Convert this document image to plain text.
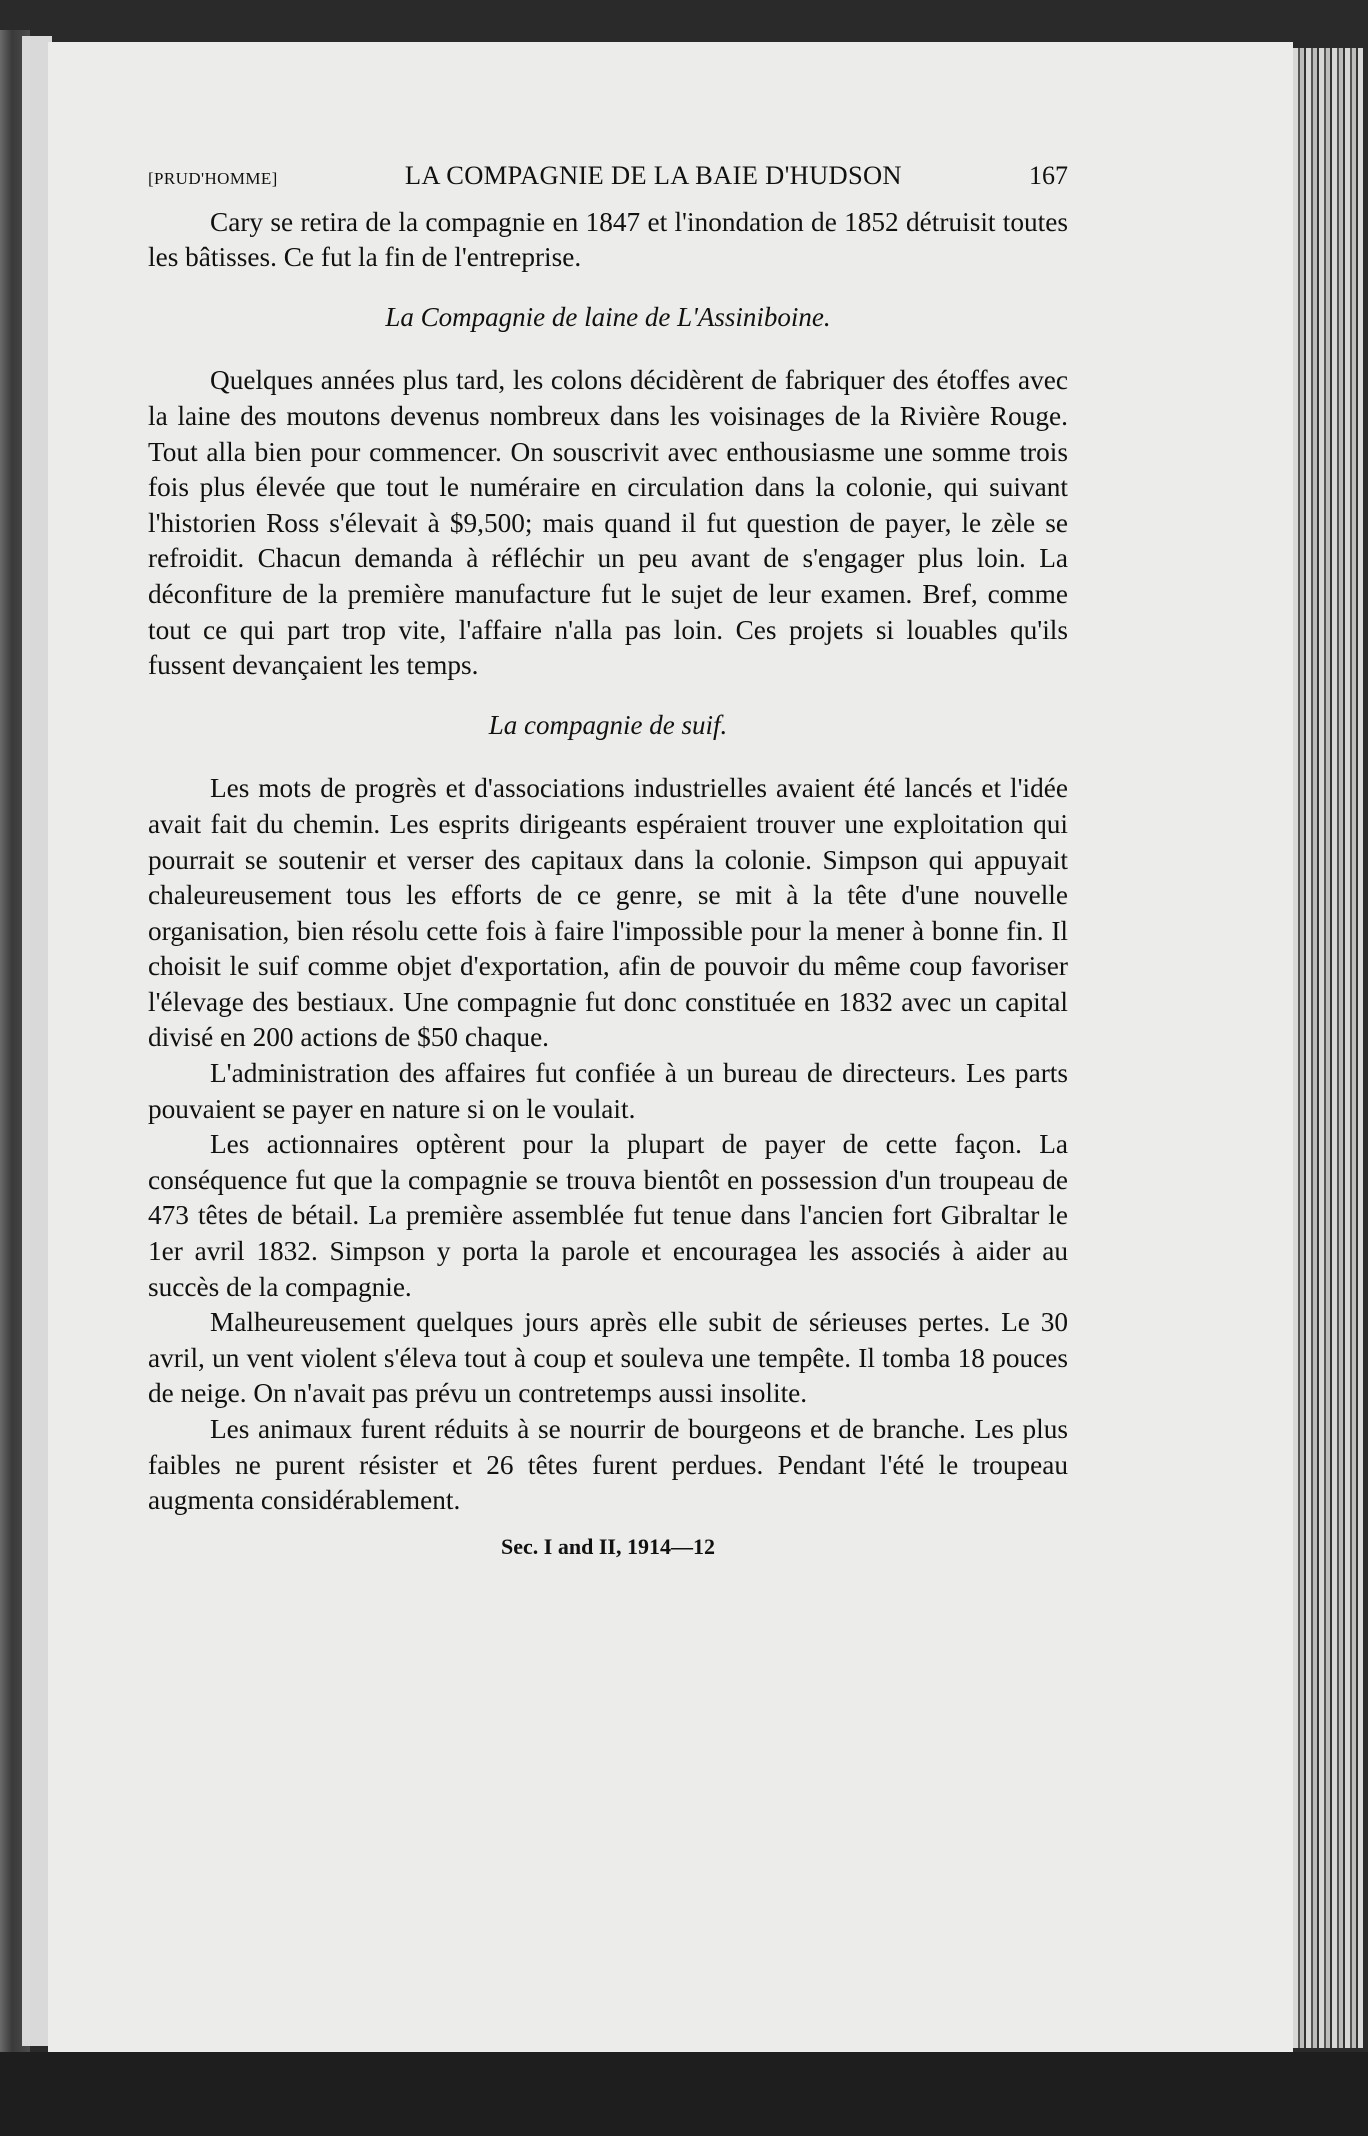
[PRUD'HOMME]	LA COMPAGNIE DE LA BAIE D'HUDSON	167

Cary se retira de la compagnie en 1847 et l'inondation de 1852 détruisit toutes les bâtisses. Ce fut la fin de l'entreprise.

La Compagnie de laine de L'Assiniboine.

Quelques années plus tard, les colons décidèrent de fabriquer des étoffes avec la laine des moutons devenus nombreux dans les voisinages de la Rivière Rouge. Tout alla bien pour commencer. On souscrivit avec enthousiasme une somme trois fois plus élevée que tout le numéraire en circulation dans la colonie, qui suivant l'historien Ross s'élevait à $9,500; mais quand il fut question de payer, le zèle se refroidit. Chacun demanda à réfléchir un peu avant de s'engager plus loin. La déconfiture de la première manufacture fut le sujet de leur examen. Bref, comme tout ce qui part trop vite, l'affaire n'alla pas loin. Ces projets si louables qu'ils fussent devançaient les temps.

La compagnie de suif.

Les mots de progrès et d'associations industrielles avaient été lancés et l'idée avait fait du chemin. Les esprits dirigeants espéraient trouver une exploitation qui pourrait se soutenir et verser des capitaux dans la colonie. Simpson qui appuyait chaleureusement tous les efforts de ce genre, se mit à la tête d'une nouvelle organisation, bien résolu cette fois à faire l'impossible pour la mener à bonne fin. Il choisit le suif comme objet d'exportation, afin de pouvoir du même coup favoriser l'élevage des bestiaux. Une compagnie fut donc constituée en 1832 avec un capital divisé en 200 actions de $50 chaque.

L'administration des affaires fut confiée à un bureau de directeurs. Les parts pouvaient se payer en nature si on le voulait.

Les actionnaires optèrent pour la plupart de payer de cette façon. La conséquence fut que la compagnie se trouva bientôt en possession d'un troupeau de 473 têtes de bétail. La première assemblée fut tenue dans l'ancien fort Gibraltar le 1er avril 1832. Simpson y porta la parole et encouragea les associés à aider au succès de la compagnie.

Malheureusement quelques jours après elle subit de sérieuses pertes. Le 30 avril, un vent violent s'éleva tout à coup et souleva une tempête. Il tomba 18 pouces de neige. On n'avait pas prévu un contretemps aussi insolite.

Les animaux furent réduits à se nourrir de bourgeons et de branche. Les plus faibles ne purent résister et 26 têtes furent perdues. Pendant l'été le troupeau augmenta considérablement.

Sec. I and II, 1914—12
